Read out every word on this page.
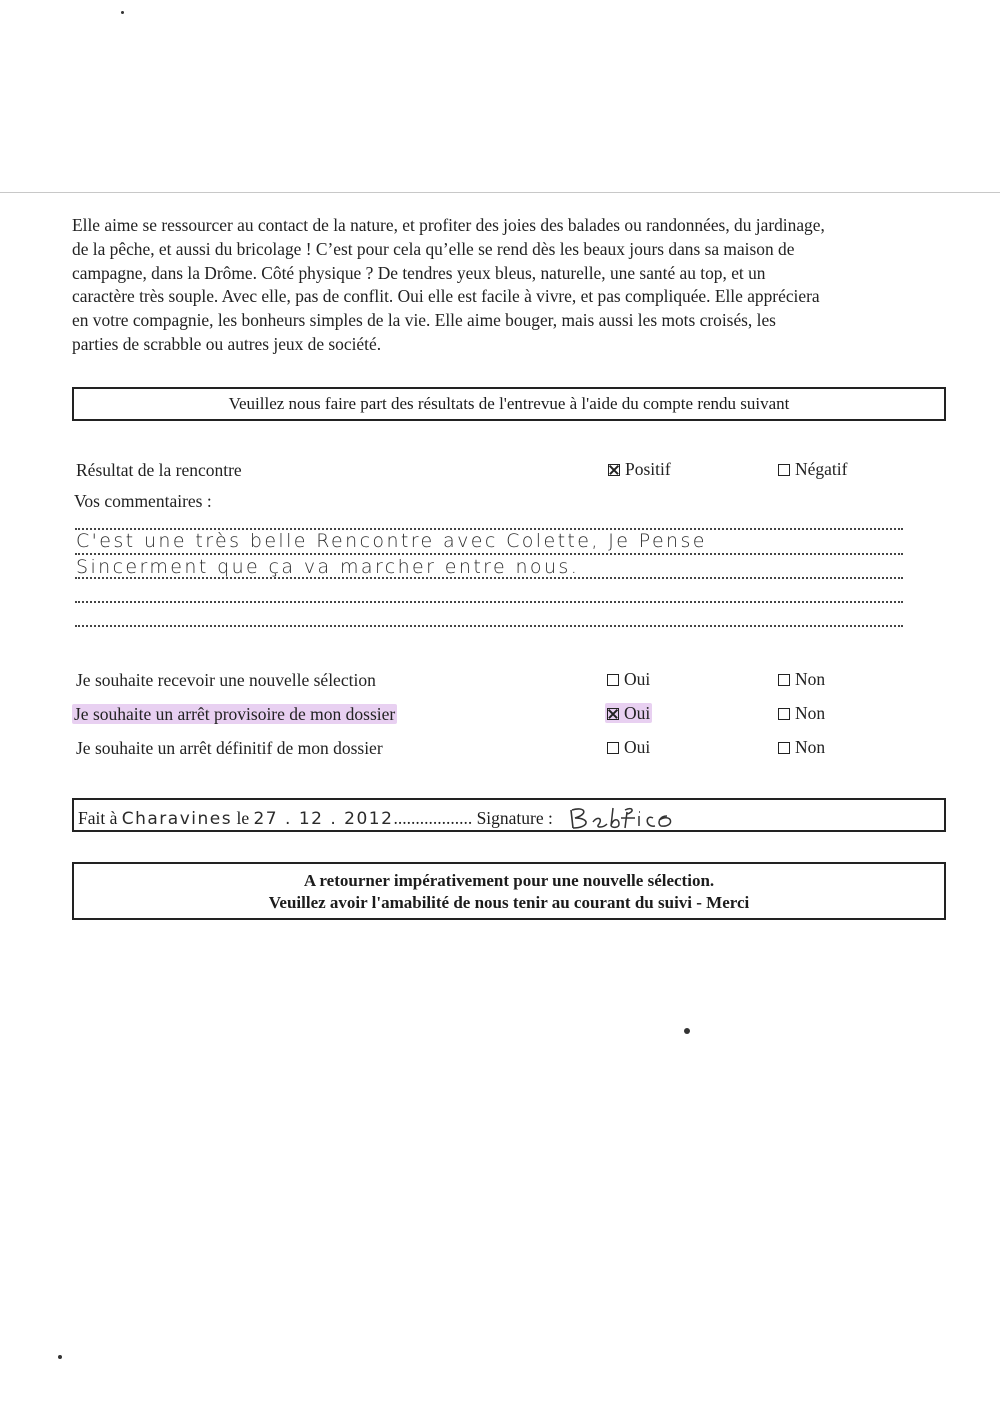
Elle aime se ressourcer au contact de la nature, et profiter des joies des balades ou randonnées, du jardinage,

de la pêche, et aussi du bricolage ! C’est pour cela qu’elle se rend dès les beaux jours dans sa maison de

campagne, dans la Drôme. Côté physique ? De tendres yeux bleus, naturelle, une santé au top, et un

caractère très souple. Avec elle, pas de conflit. Oui elle est facile à vivre, et pas compliquée. Elle appréciera

en votre compagnie, les bonheurs simples de la vie. Elle aime bouger, mais aussi les mots croisés, les

parties de scrabble ou autres jeux de société.

Veuillez nous faire part des résultats de l'entrevue à l'aide du compte rendu suivant
Résultat de la rencontre	Positif	Négatif
Vos commentaires :
C'est une très belle Rencontre avec Colette, Je Pense
Sincerment que ça va marcher entre nous.
Je souhaite recevoir une nouvelle sélection	Oui	Non
Je souhaite un arrêt provisoire de mon dossier	Oui	Non
Je souhaite un arrêt définitif de mon dossier	Oui	Non
Fait à Charavines le 27 . 12 . 2012.................. Signature :
A retourner impérativement pour une nouvelle sélection.
Veuillez avoir l'amabilité de nous tenir au courant du suivi - Merci
